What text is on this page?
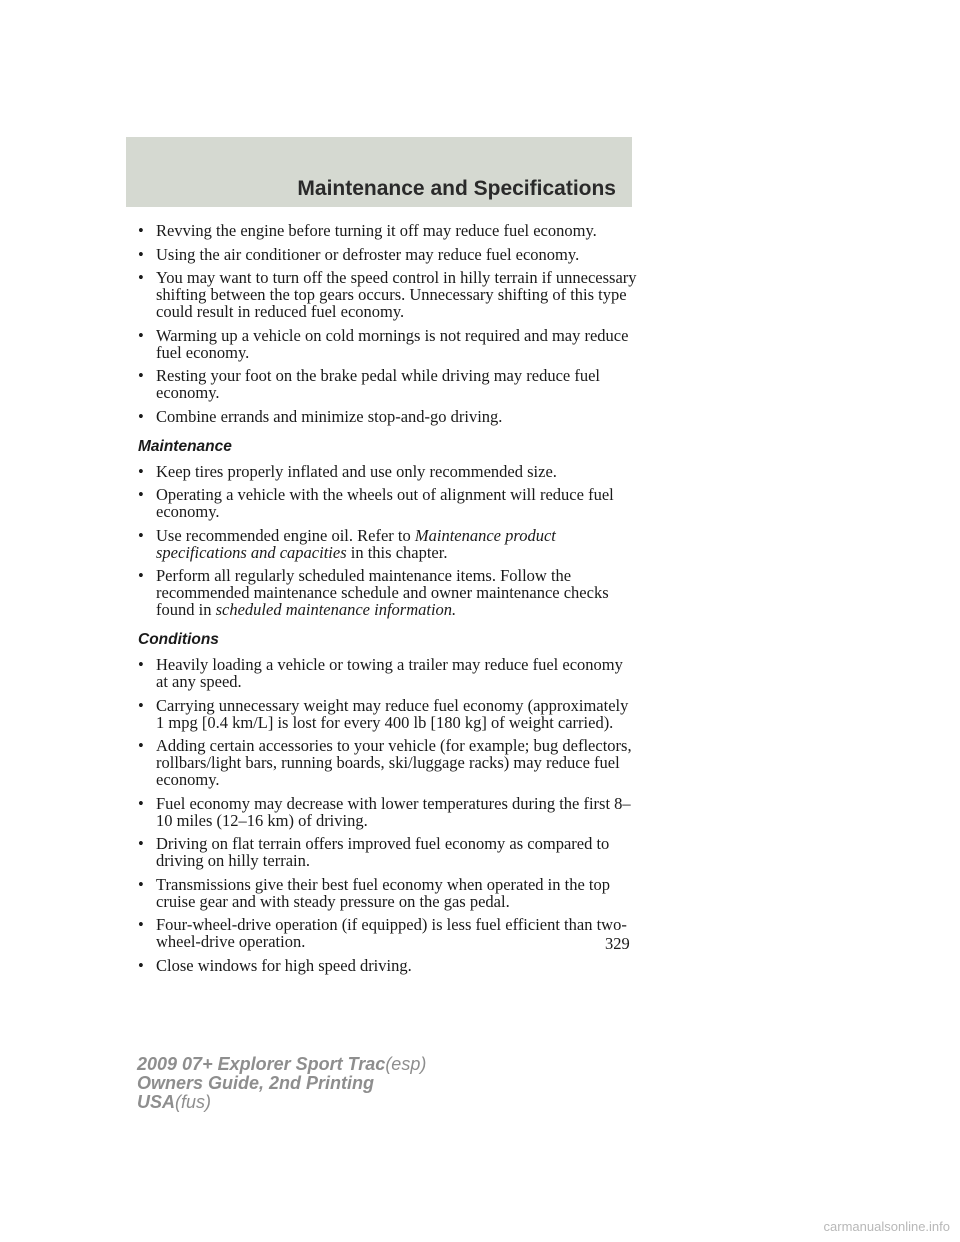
Maintenance and Specifications
• Revving the engine before turning it off may reduce fuel economy.
• Using the air conditioner or defroster may reduce fuel economy.
• You may want to turn off the speed control in hilly terrain if unnecessary shifting between the top gears occurs. Unnecessary shifting of this type could result in reduced fuel economy.
• Warming up a vehicle on cold mornings is not required and may reduce fuel economy.
• Resting your foot on the brake pedal while driving may reduce fuel economy.
• Combine errands and minimize stop-and-go driving.
Maintenance
• Keep tires properly inflated and use only recommended size.
• Operating a vehicle with the wheels out of alignment will reduce fuel economy.
• Use recommended engine oil. Refer to Maintenance product specifications and capacities in this chapter.
• Perform all regularly scheduled maintenance items. Follow the recommended maintenance schedule and owner maintenance checks found in scheduled maintenance information.
Conditions
• Heavily loading a vehicle or towing a trailer may reduce fuel economy at any speed.
• Carrying unnecessary weight may reduce fuel economy (approximately 1 mpg [0.4 km/L] is lost for every 400 lb [180 kg] of weight carried).
• Adding certain accessories to your vehicle (for example; bug deflectors, rollbars/light bars, running boards, ski/luggage racks) may reduce fuel economy.
• Fuel economy may decrease with lower temperatures during the first 8–10 miles (12–16 km) of driving.
• Driving on flat terrain offers improved fuel economy as compared to driving on hilly terrain.
• Transmissions give their best fuel economy when operated in the top cruise gear and with steady pressure on the gas pedal.
• Four-wheel-drive operation (if equipped) is less fuel efficient than two-wheel-drive operation.
• Close windows for high speed driving.
329
2009 07+ Explorer Sport Trac(esp)
Owners Guide, 2nd Printing
USA(fus)
carmanualsonline.info
